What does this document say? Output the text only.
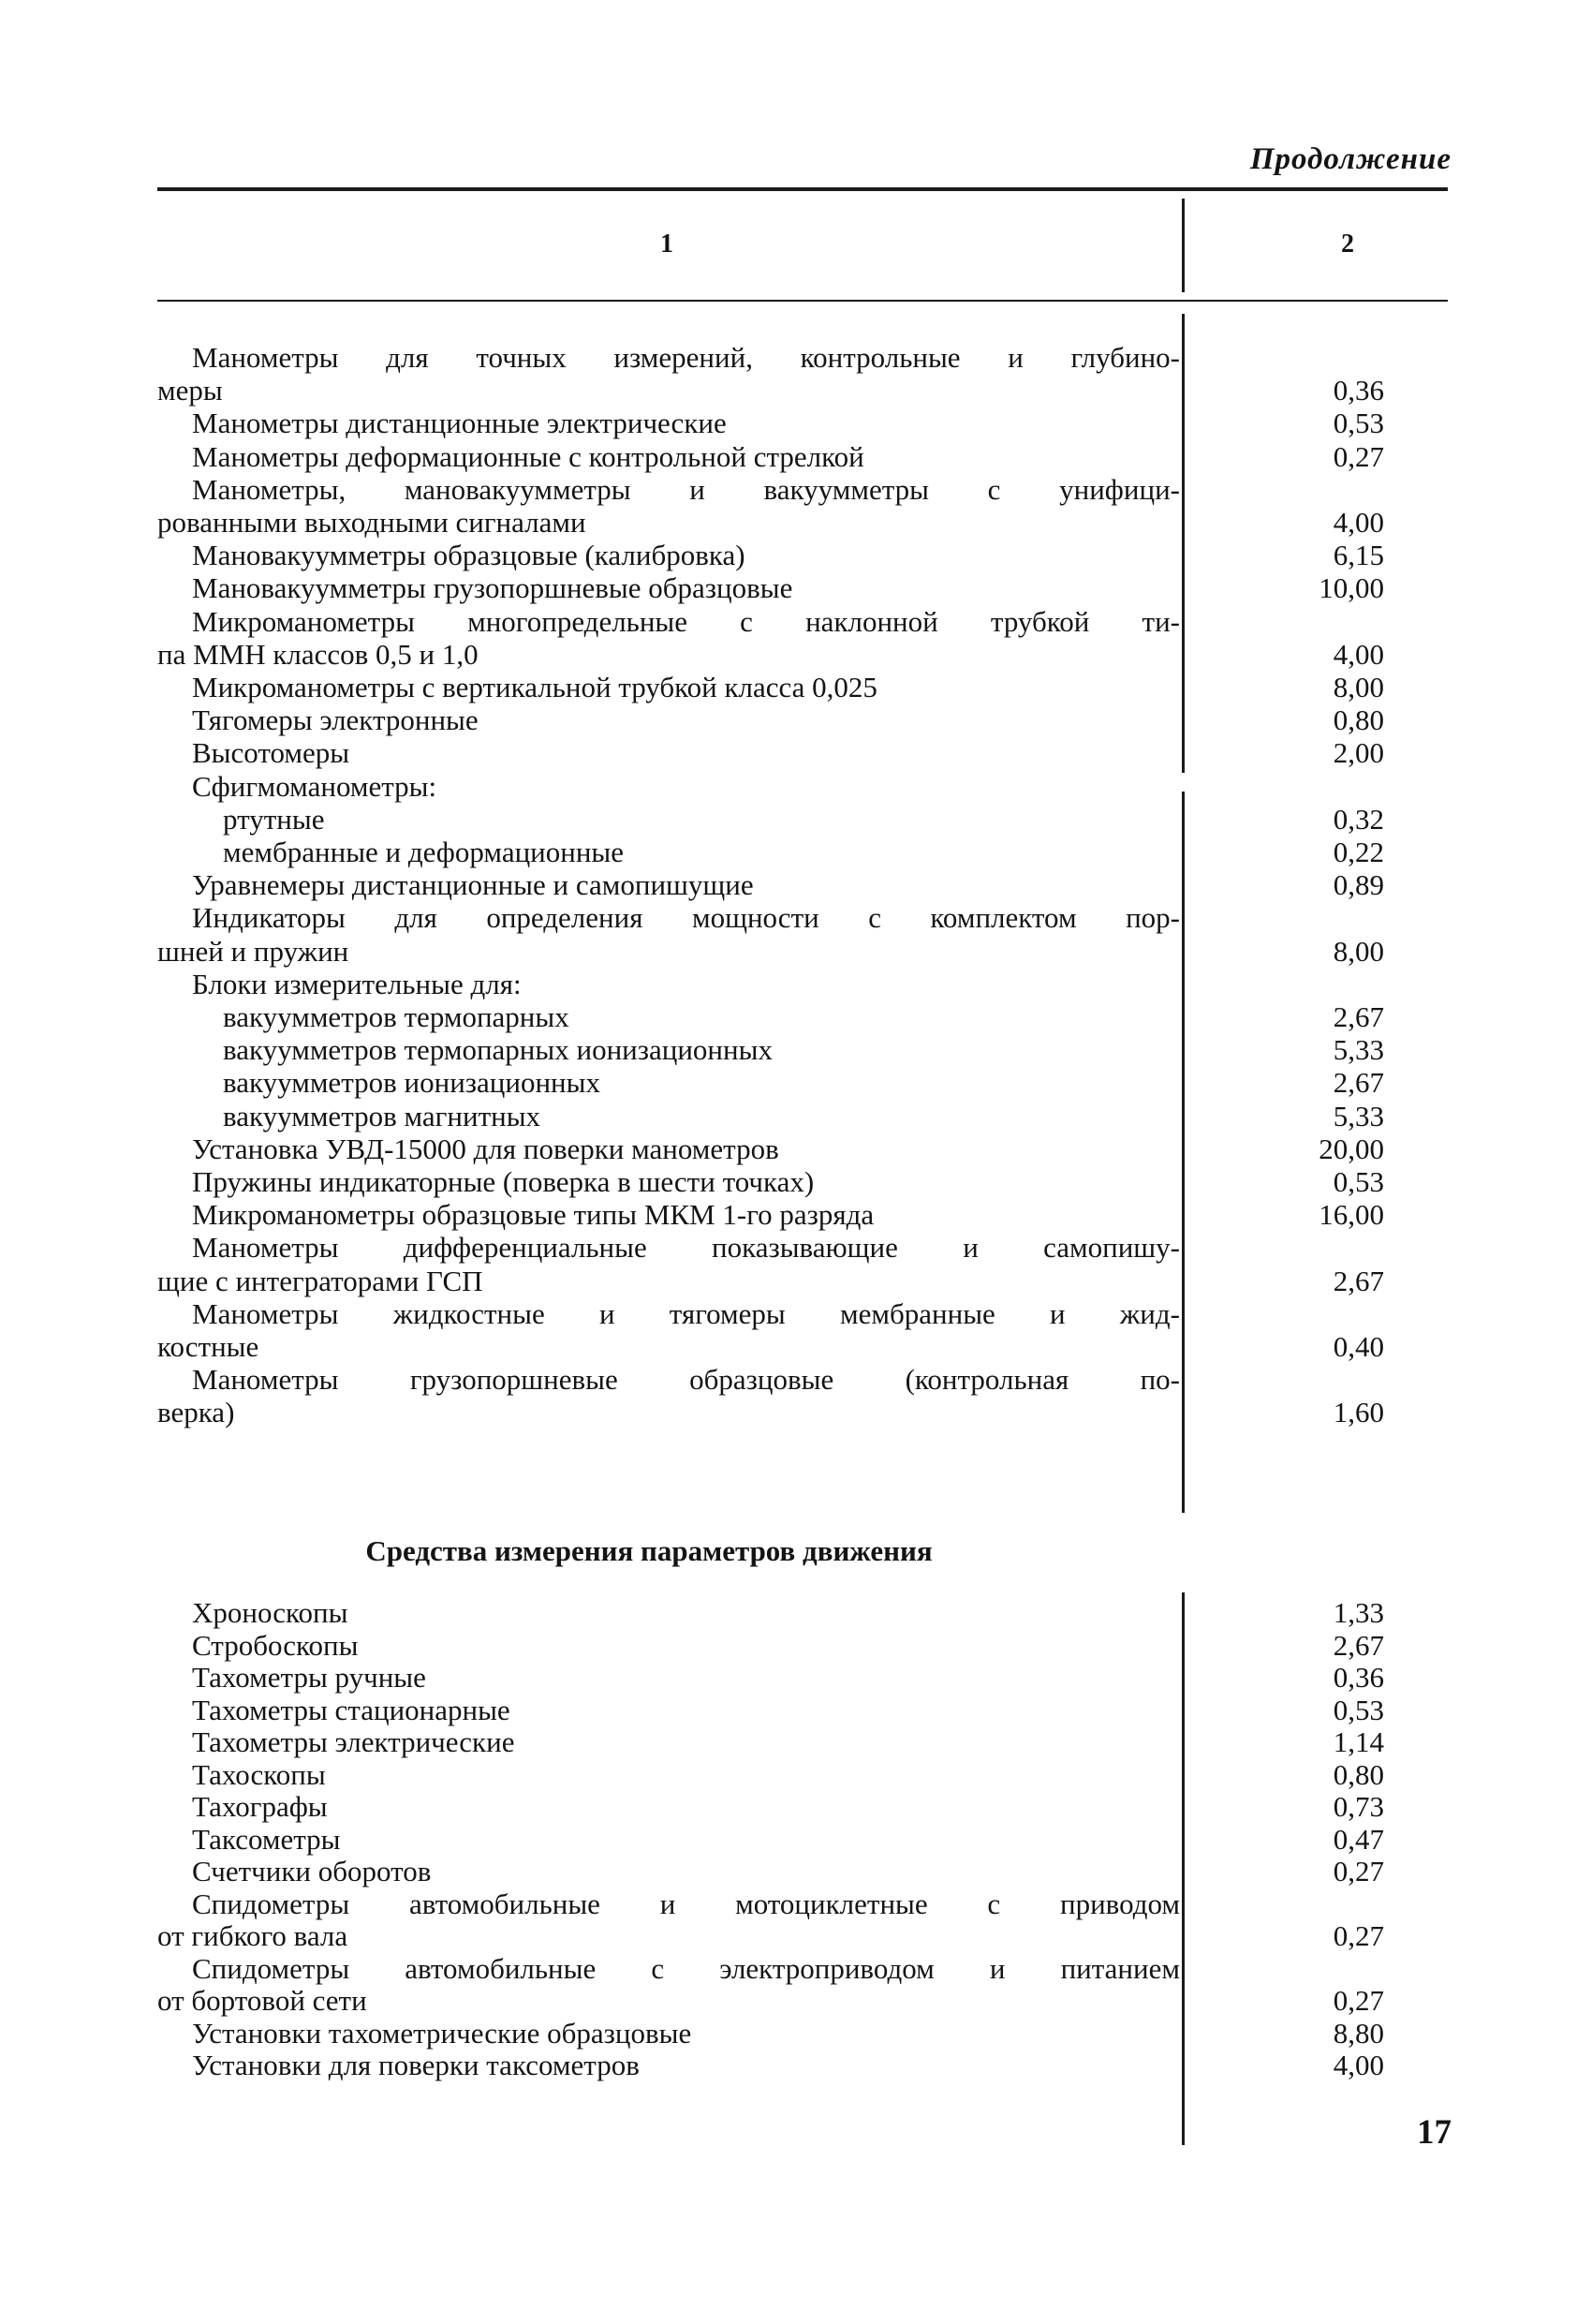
Продолжение
1	2
Манометры для точных измерений, контрольные и глубино-
меры	0,36
Манометры дистанционные электрические	0,53
Манометры деформационные с контрольной стрелкой	0,27
Манометры, мановакуумметры и вакуумметры с унифици-
рованными выходными сигналами	4,00
Мановакуумметры образцовые (калибровка)	6,15
Мановакуумметры грузопоршневые образцовые	10,00
Микроманометры многопредельные с наклонной трубкой ти-
па ММН классов 0,5 и 1,0	4,00
Микроманометры с вертикальной трубкой класса 0,025	8,00
Тягомеры электронные	0,80
Высотомеры	2,00
Сфигмоманометры:
ртутные	0,32
мембранные и деформационные	0,22
Уравнемеры дистанционные и самопишущие	0,89
Индикаторы для определения мощности с комплектом пор-
шней и пружин	8,00
Блоки измерительные для:
вакуумметров термопарных	2,67
вакуумметров термопарных ионизационных	5,33
вакуумметров ионизационных	2,67
вакуумметров магнитных	5,33
Установка УВД-15000 для поверки манометров	20,00
Пружины индикаторные (поверка в шести точках)	0,53
Микроманометры образцовые типы МКМ 1-го разряда	16,00
Манометры дифференциальные показывающие и самопишу-
щие с интеграторами ГСП	2,67
Манометры жидкостные и тягомеры мембранные и жид-
костные	0,40
Манометры грузопоршневые образцовые (контрольная по-
верка)	1,60
Средства измерения параметров движения
Хроноскопы	1,33
Стробоскопы	2,67
Тахометры ручные	0,36
Тахометры стационарные	0,53
Тахометры электрические	1,14
Тахоскопы	0,80
Тахографы	0,73
Таксометры	0,47
Счетчики оборотов	0,27
Спидометры автомобильные и мотоциклетные с приводом
от гибкого вала	0,27
Спидометры автомобильные с электроприводом и питанием
от бортовой сети	0,27
Установки тахометрические образцовые	8,80
Установки для поверки таксометров	4,00
17
